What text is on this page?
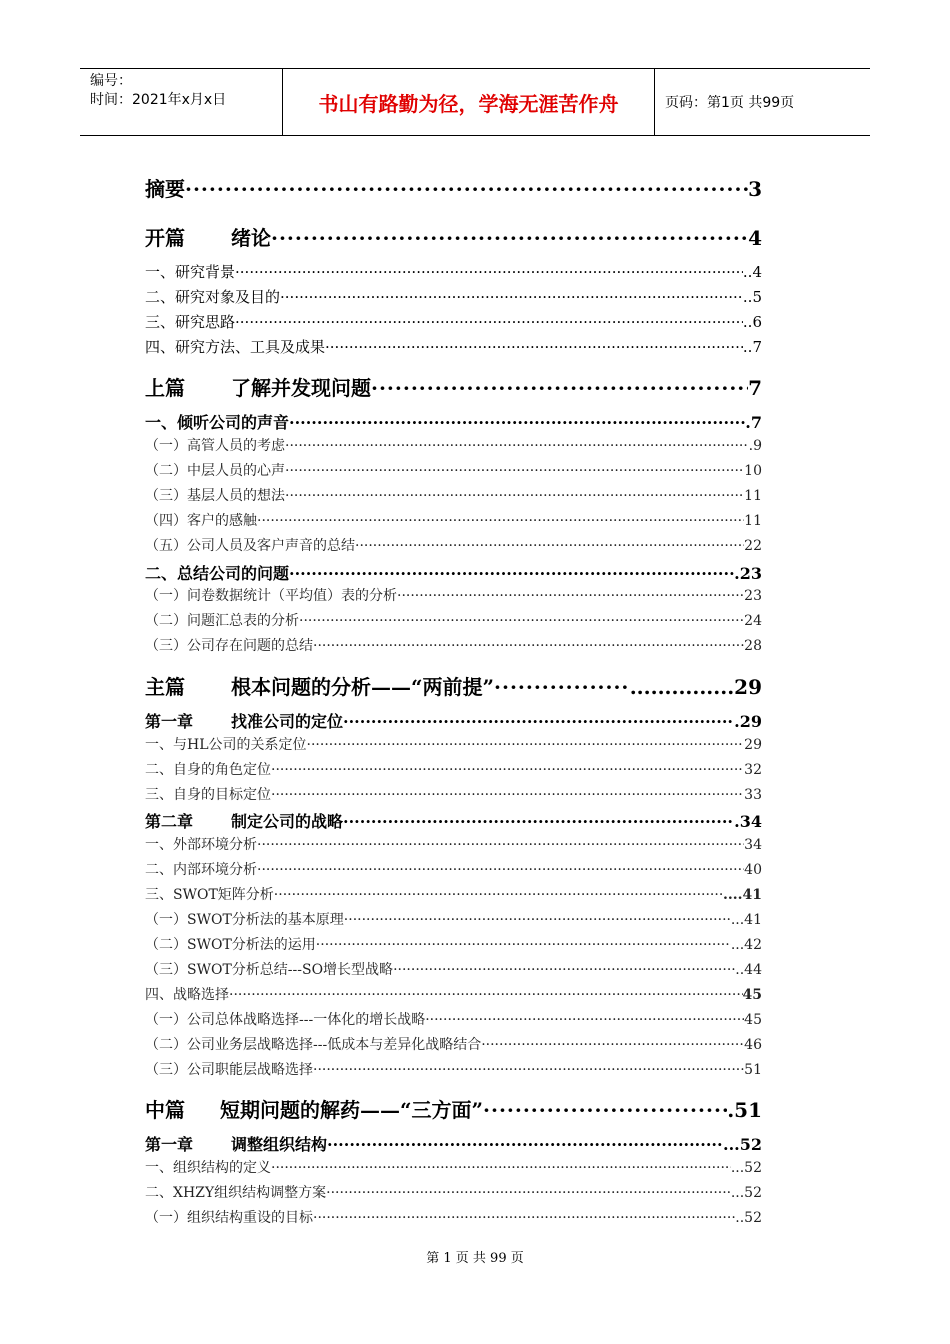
编号：
时间：2021年x月x日	书山有路勤为径，学海无涯苦作舟	页码：第1页 共99页
摘要 ·····	3
开篇 绪论 ·····	4
一、研究背景 ·····	..4
二、研究对象及目的 ·····	..5
三、研究思路 ·····	..6
四、研究方法、工具及成果 ·····	..7
上篇 了解并发现问题 ·····	7
一、倾听公司的声音 ·····	.7
（一）高管人员的考虑 ·····	.9
（二）中层人员的心声 ·····	10
（三）基层人员的想法 ·····	11
（四）客户的感触 ·····	11
（五）公司人员及客户声音的总结 ·····	22
二、总结公司的问题 ·····	.23
（一）问卷数据统计（平均值）表的分析 ·····	23
（二）问题汇总表的分析 ·····	24
（三）公司存在问题的总结 ·····	28
主篇 根本问题的分析——“两前提” ·····	...............29
第一章 找准公司的定位 ·····	.29
一、与HL公司的关系定位 ·····	29
二、自身的角色定位 ·····	32
三、自身的目标定位 ·····	33
第二章 制定公司的战略 ·····	.34
一、外部环境分析 ·····	34
二、内部环境分析 ·····	40
三、SWOT矩阵分析 ·····	....41
（一）SWOT分析法的基本原理 ·····	...41
（二）SWOT分析法的运用 ·····	...42
（三）SWOT分析总结---SO增长型战略 ·····	..44
四、战略选择 ·····	45
（一）公司总体战略选择---一体化的增长战略 ·····	45
（二）公司业务层战略选择---低成本与差异化战略结合 ·····	46
（三）公司职能层战略选择 ·····	51
中篇 短期问题的解药——“三方面” ·····	.51
第一章 调整组织结构 ·····	...52
一、组织结构的定义 ·····	...52
二、XHZY组织结构调整方案 ·····	...52
（一）组织结构重设的目标 ·····	..52
第 1 页 共 99 页
